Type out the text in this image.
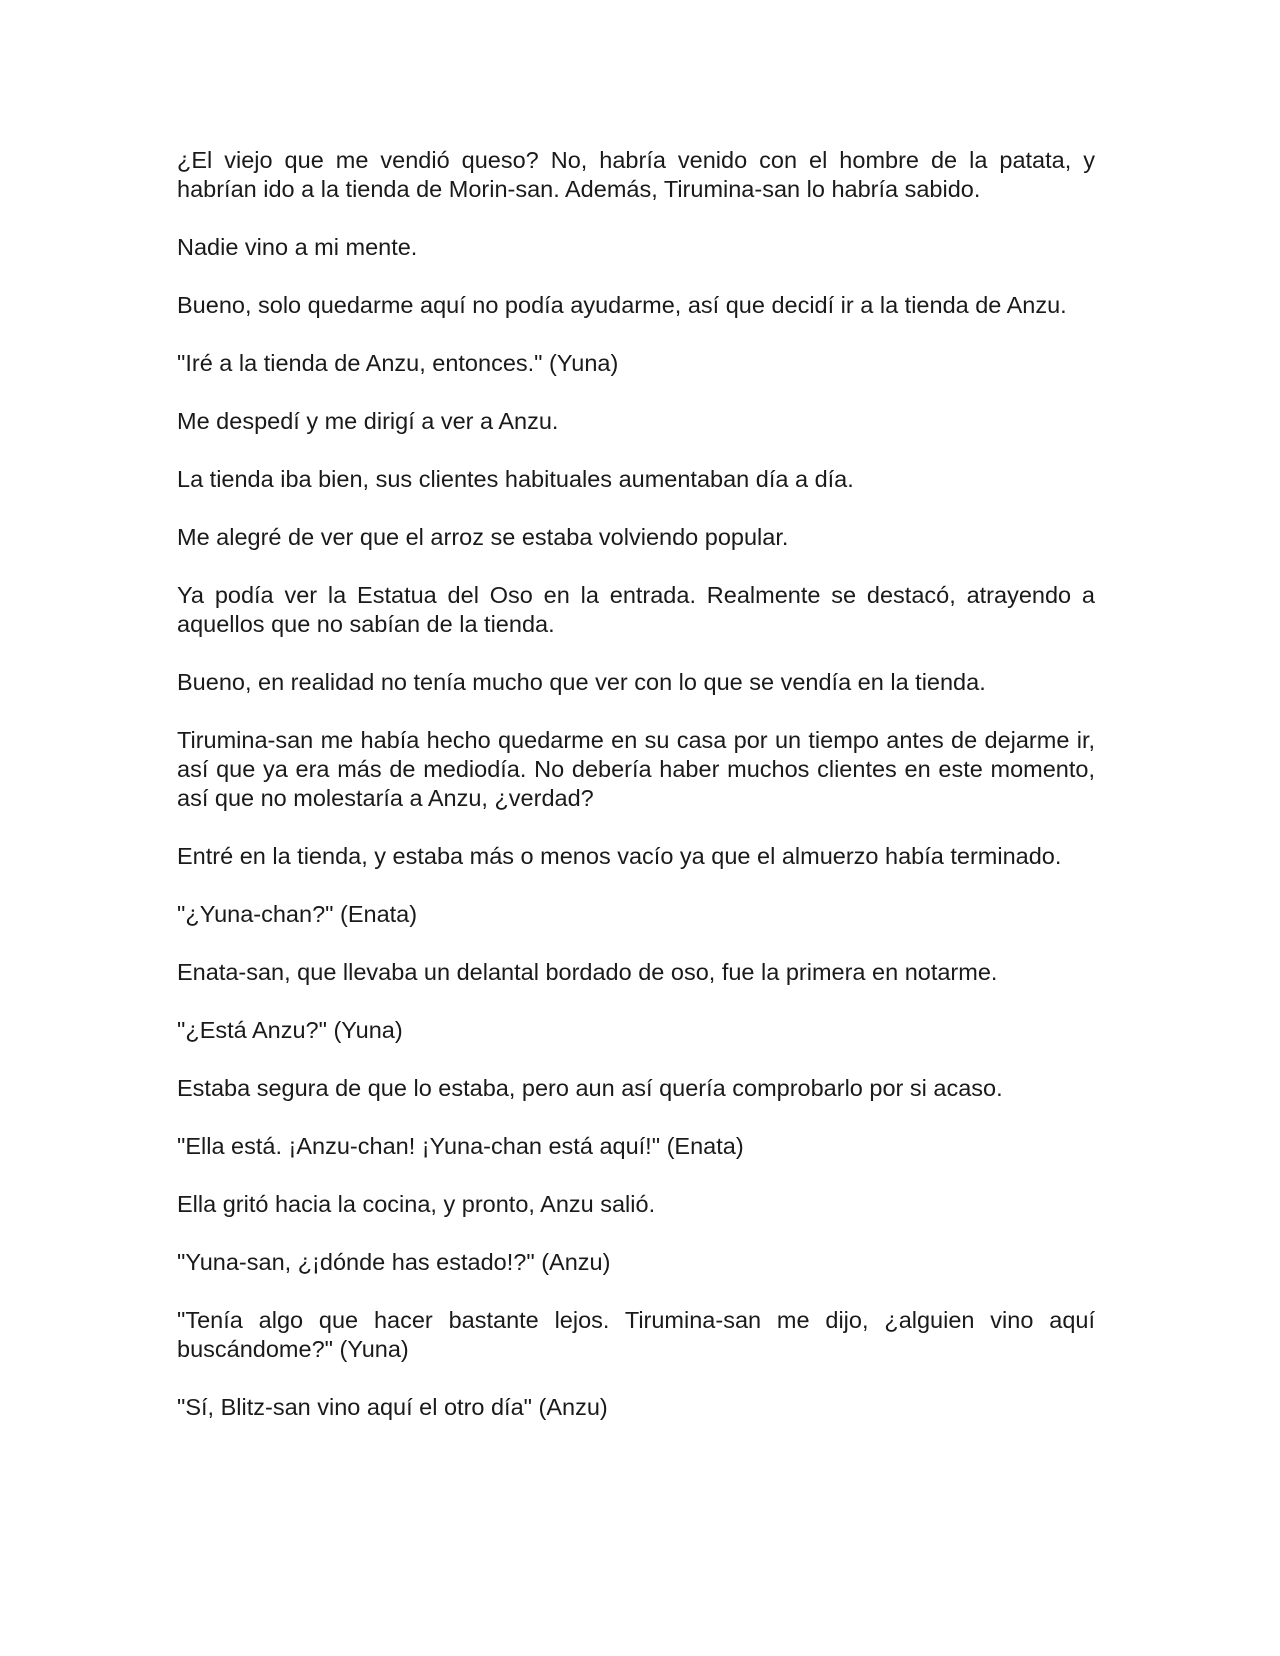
¿El viejo que me vendió queso? No, habría venido con el hombre de la patata, y habrían ido a la tienda de Morin-san. Además, Tirumina-san lo habría sabido.

Nadie vino a mi mente.

Bueno, solo quedarme aquí no podía ayudarme, así que decidí ir a la tienda de Anzu.

"Iré a la tienda de Anzu, entonces." (Yuna)

Me despedí y me dirigí a ver a Anzu.

La tienda iba bien, sus clientes habituales aumentaban día a día.

Me alegré de ver que el arroz se estaba volviendo popular.

Ya podía ver la Estatua del Oso en la entrada. Realmente se destacó, atrayendo a aquellos que no sabían de la tienda.

Bueno, en realidad no tenía mucho que ver con lo que se vendía en la tienda.

Tirumina-san me había hecho quedarme en su casa por un tiempo antes de dejarme ir, así que ya era más de mediodía. No debería haber muchos clientes en este momento, así que no molestaría a Anzu, ¿verdad?

Entré en la tienda, y estaba más o menos vacío ya que el almuerzo había terminado.

"¿Yuna-chan?" (Enata)

Enata-san, que llevaba un delantal bordado de oso, fue la primera en notarme.

"¿Está Anzu?" (Yuna)

Estaba segura de que lo estaba, pero aun así quería comprobarlo por si acaso.

"Ella está. ¡Anzu-chan! ¡Yuna-chan está aquí!" (Enata)

Ella gritó hacia la cocina, y pronto, Anzu salió.

"Yuna-san, ¿¡dónde has estado!?" (Anzu)

"Tenía algo que hacer bastante lejos. Tirumina-san me dijo, ¿alguien vino aquí buscándome?" (Yuna)

"Sí, Blitz-san vino aquí el otro día" (Anzu)
